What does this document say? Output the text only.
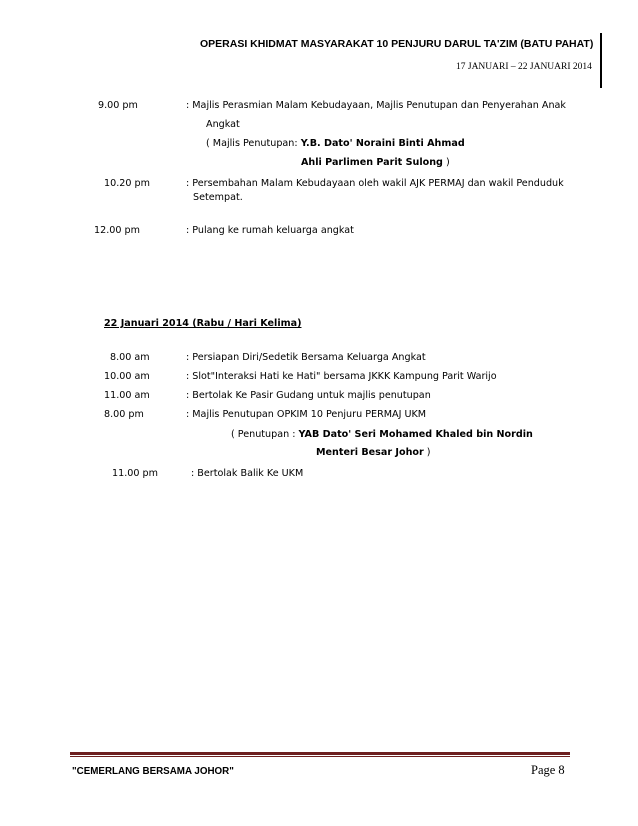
OPERASI KHIDMAT MASYARAKAT 10 PENJURU DARUL TA'ZIM (BATU PAHAT)
17 JANUARI – 22 JANUARI 2014
9.00 pm	: Majlis Perasmian Malam Kebudayaan, Majlis Penutupan dan Penyerahan Anak
Angkat
( Majlis Penutupan: Y.B. Dato' Noraini Binti Ahmad
Ahli Parlimen Parit Sulong )
10.20 pm	: Persembahan Malam Kebudayaan oleh wakil AJK PERMAJ dan wakil Penduduk
Setempat.
12.00 pm	: Pulang ke rumah keluarga angkat
22 Januari 2014 (Rabu / Hari Kelima)
8.00 am	: Persiapan Diri/Sedetik Bersama Keluarga Angkat
10.00 am	: Slot"Interaksi Hati ke Hati" bersama JKKK Kampung Parit Warijo
11.00 am	: Bertolak Ke Pasir Gudang untuk majlis penutupan
8.00 pm	: Majlis Penutupan OPKIM 10 Penjuru PERMAJ UKM
( Penutupan : YAB Dato' Seri Mohamed Khaled bin Nordin
Menteri Besar Johor )
11.00 pm	: Bertolak Balik Ke UKM
"CEMERLANG BERSAMA JOHOR"	Page 8
